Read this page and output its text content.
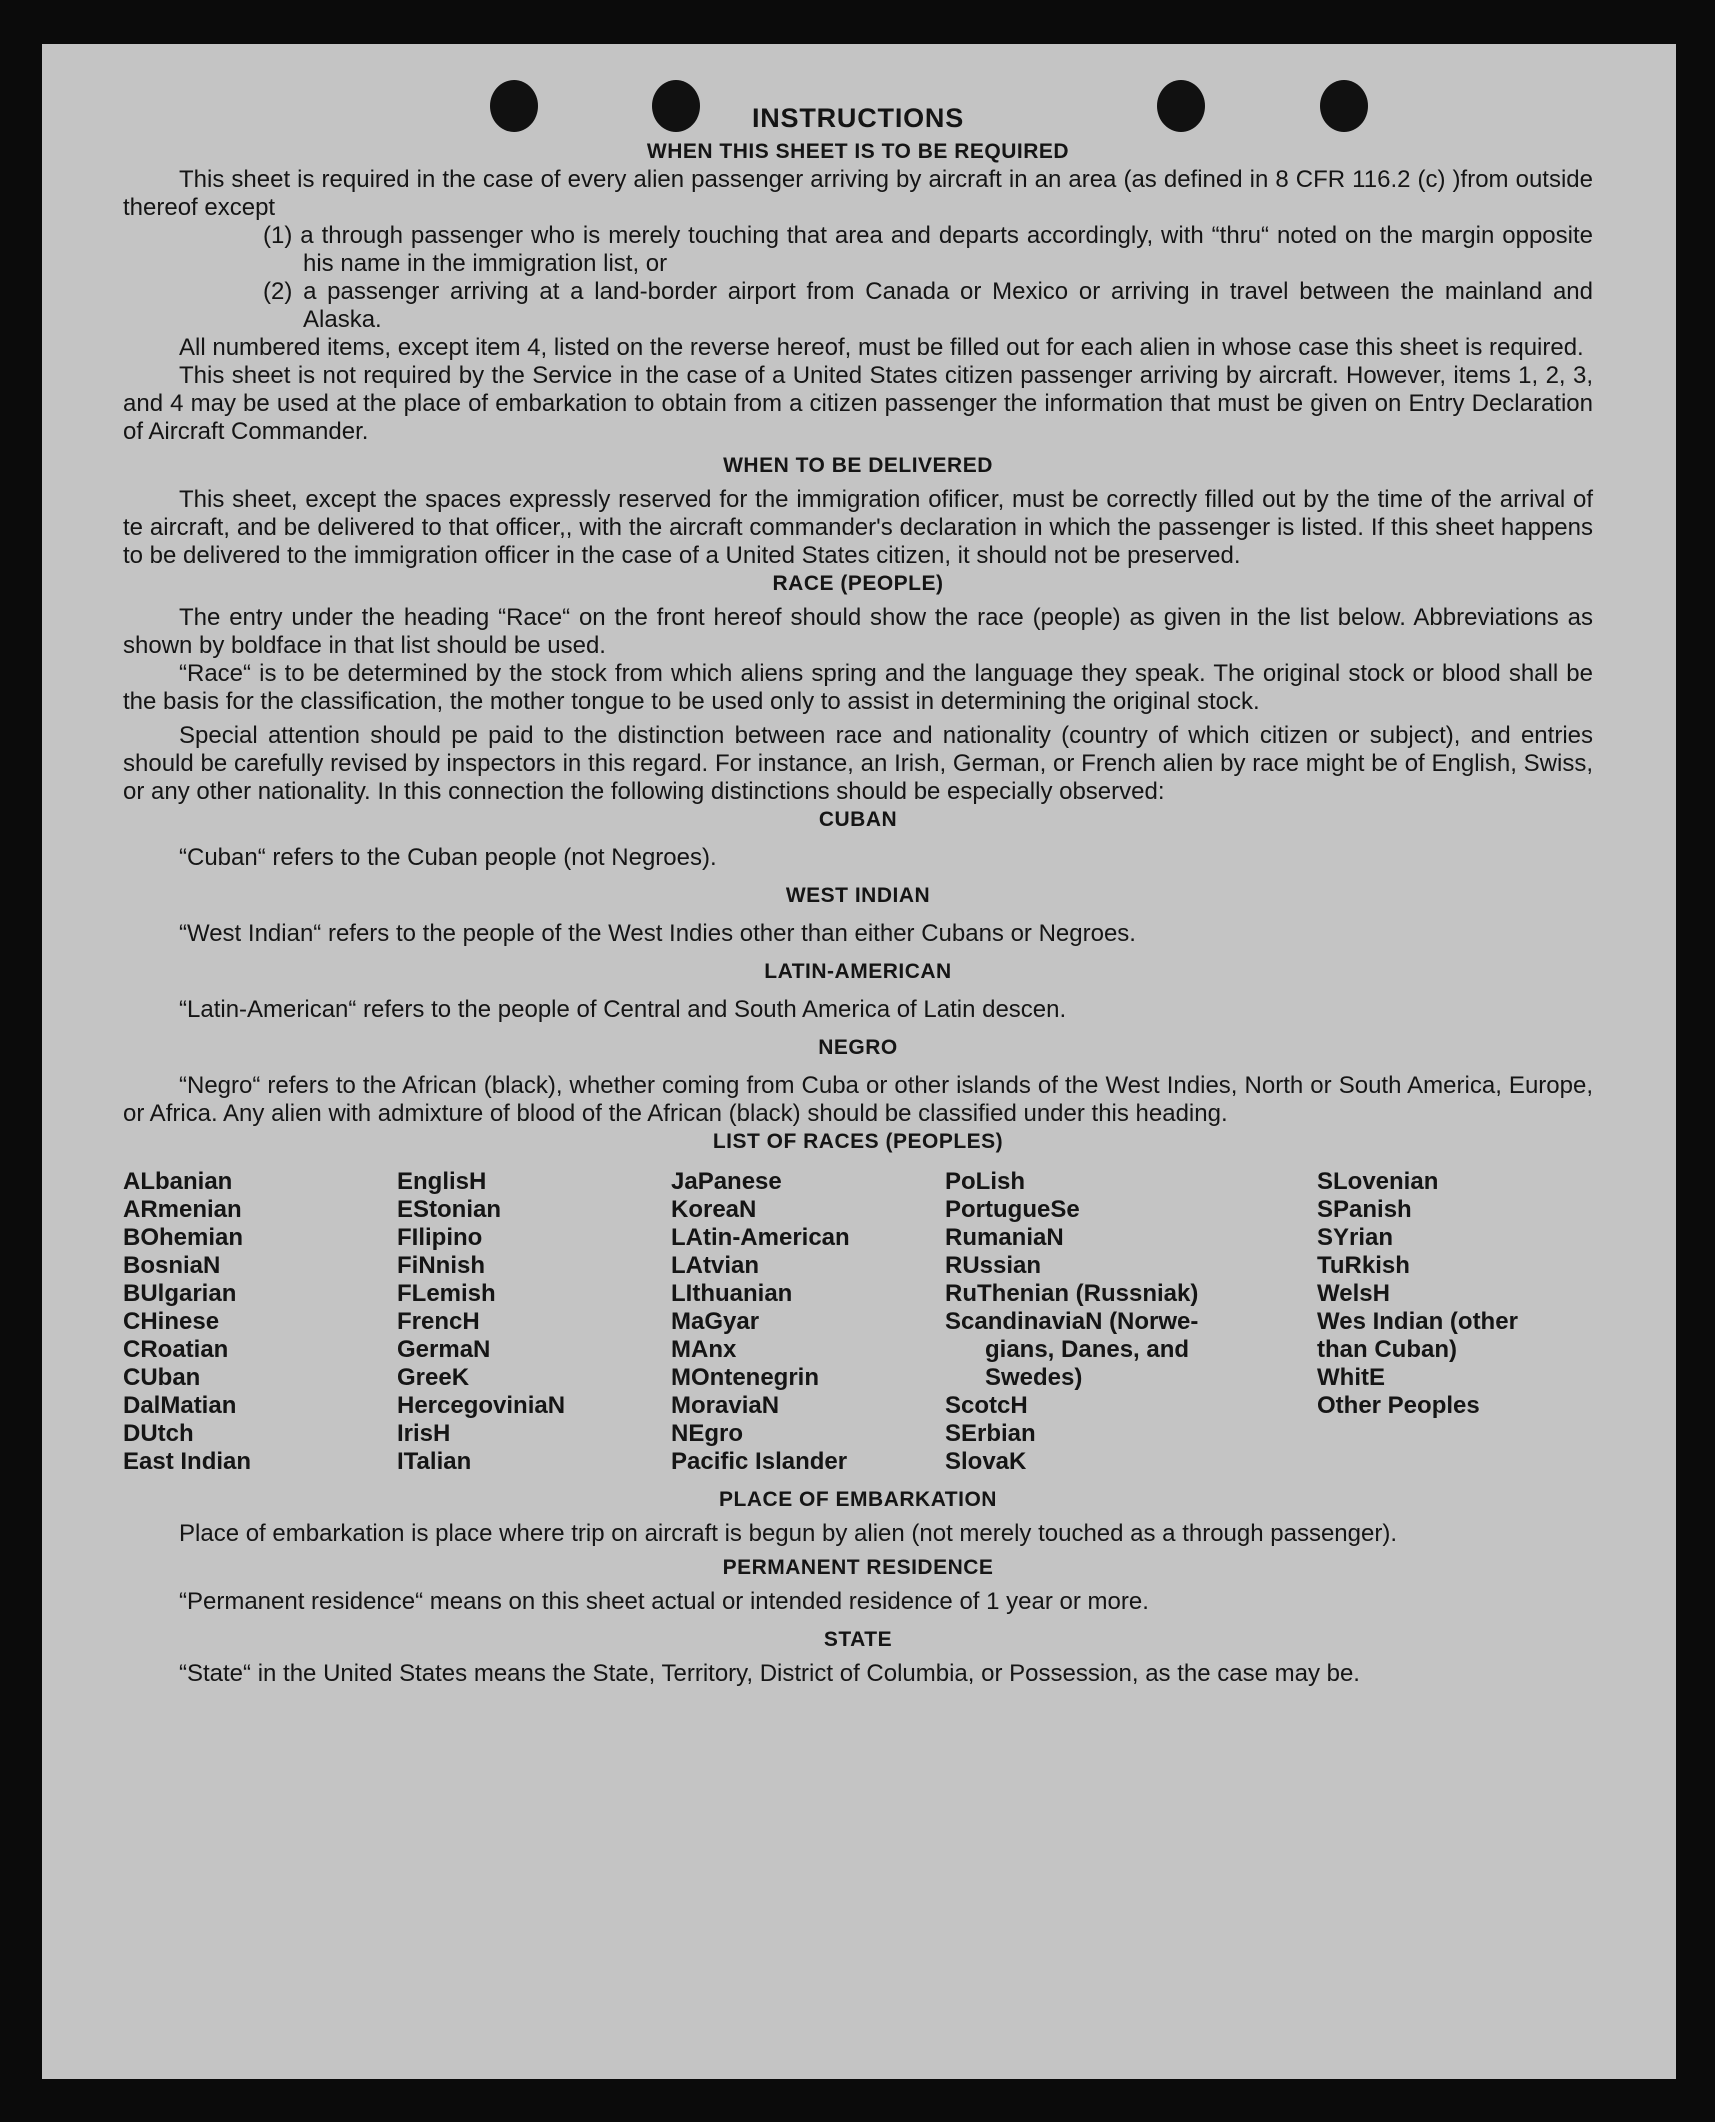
INSTRUCTIONS
WHEN THIS SHEET IS TO BE REQUIRED

This sheet is required in the case of every alien passenger arriving by aircraft in an area (as defined in 8 CFR 116.2 (c) )from outside thereof except

(1) a through passenger who is merely touching that area and departs accordingly, with “thru“ noted on the margin opposite his name in the immigration list, or

(2) a passenger arriving at a land-border airport from Canada or Mexico or arriving in travel between the mainland and Alaska.

All numbered items, except item 4, listed on the reverse hereof, must be filled out for each alien in whose case this sheet is required.

This sheet is not required by the Service in the case of a United States citizen passenger arriving by aircraft. However, items 1, 2, 3, and 4 may be used at the place of embarkation to obtain from a citizen passenger the information that must be given on Entry Declaration of Aircraft Commander.

WHEN TO BE DELIVERED

This sheet, except the spaces expressly reserved for the immigration ofificer, must be correctly filled out by the time of the arrival of te aircraft, and be delivered to that officer,, with the aircraft commander's declaration in which the passenger is listed. If this sheet happens to be delivered to the immigration officer in the case of a United States citizen, it should not be preserved.

RACE (PEOPLE)

The entry under the heading “Race“ on the front hereof should show the race (people) as given in the list below. Abbreviations as shown by boldface in that list should be used.

“Race“ is to be determined by the stock from which aliens spring and the language they speak. The original stock or blood shall be the basis for the classification, the mother tongue to be used only to assist in determining the original stock.

Special attention should pe paid to the distinction between race and nationality (country of which citizen or subject), and entries should be carefully revised by inspectors in this regard. For instance, an Irish, German, or French alien by race might be of English, Swiss, or any other nationality. In this connection the following distinctions should be especially observed:

CUBAN

“Cuban“ refers to the Cuban people (not Negroes).

WEST INDIAN

“West Indian“ refers to the people of the West Indies other than either Cubans or Negroes.

LATIN-AMERICAN

“Latin-American“ refers to the people of Central and South America of Latin descen.

NEGRO

“Negro“ refers to the African (black), whether coming from Cuba or other islands of the West Indies, North or South America, Europe, or Africa. Any alien with admixture of blood of the African (black) should be classified under this heading.

LIST OF RACES (PEOPLES)
ALbanian
ARmenian
BOhemian
BosniaN
BUlgarian
CHinese
CRoatian
CUban
DalMatian
DUtch
East Indian
EnglisH
EStonian
FIlipino
FiNnish
FLemish
FrencH
GermaN
GreeK
HercegoviniaN
IrisH
ITalian
JaPanese
KoreaN
LAtin-American
LAtvian
LIthuanian
MaGyar
MAnx
MOntenegrin
MoraviaN
NEgro
Pacific Islander
PoLish
PortugueSe
RumaniaN
RUssian
RuThenian (Russniak)
ScandinaviaN (Norwe-
gians, Danes, and
Swedes)
ScotcH
SErbian
SlovaK
SLovenian
SPanish
SYrian
TuRkish
WelsH
Wes Indian (other
than Cuban)
WhitE
Other Peoples
PLACE OF EMBARKATION

Place of embarkation is place where trip on aircraft is begun by alien (not merely touched as a through passenger).

PERMANENT RESIDENCE

“Permanent residence“ means on this sheet actual or intended residence of 1 year or more.

STATE

“State“ in the United States means the State, Territory, District of Columbia, or Possession, as the case may be.
